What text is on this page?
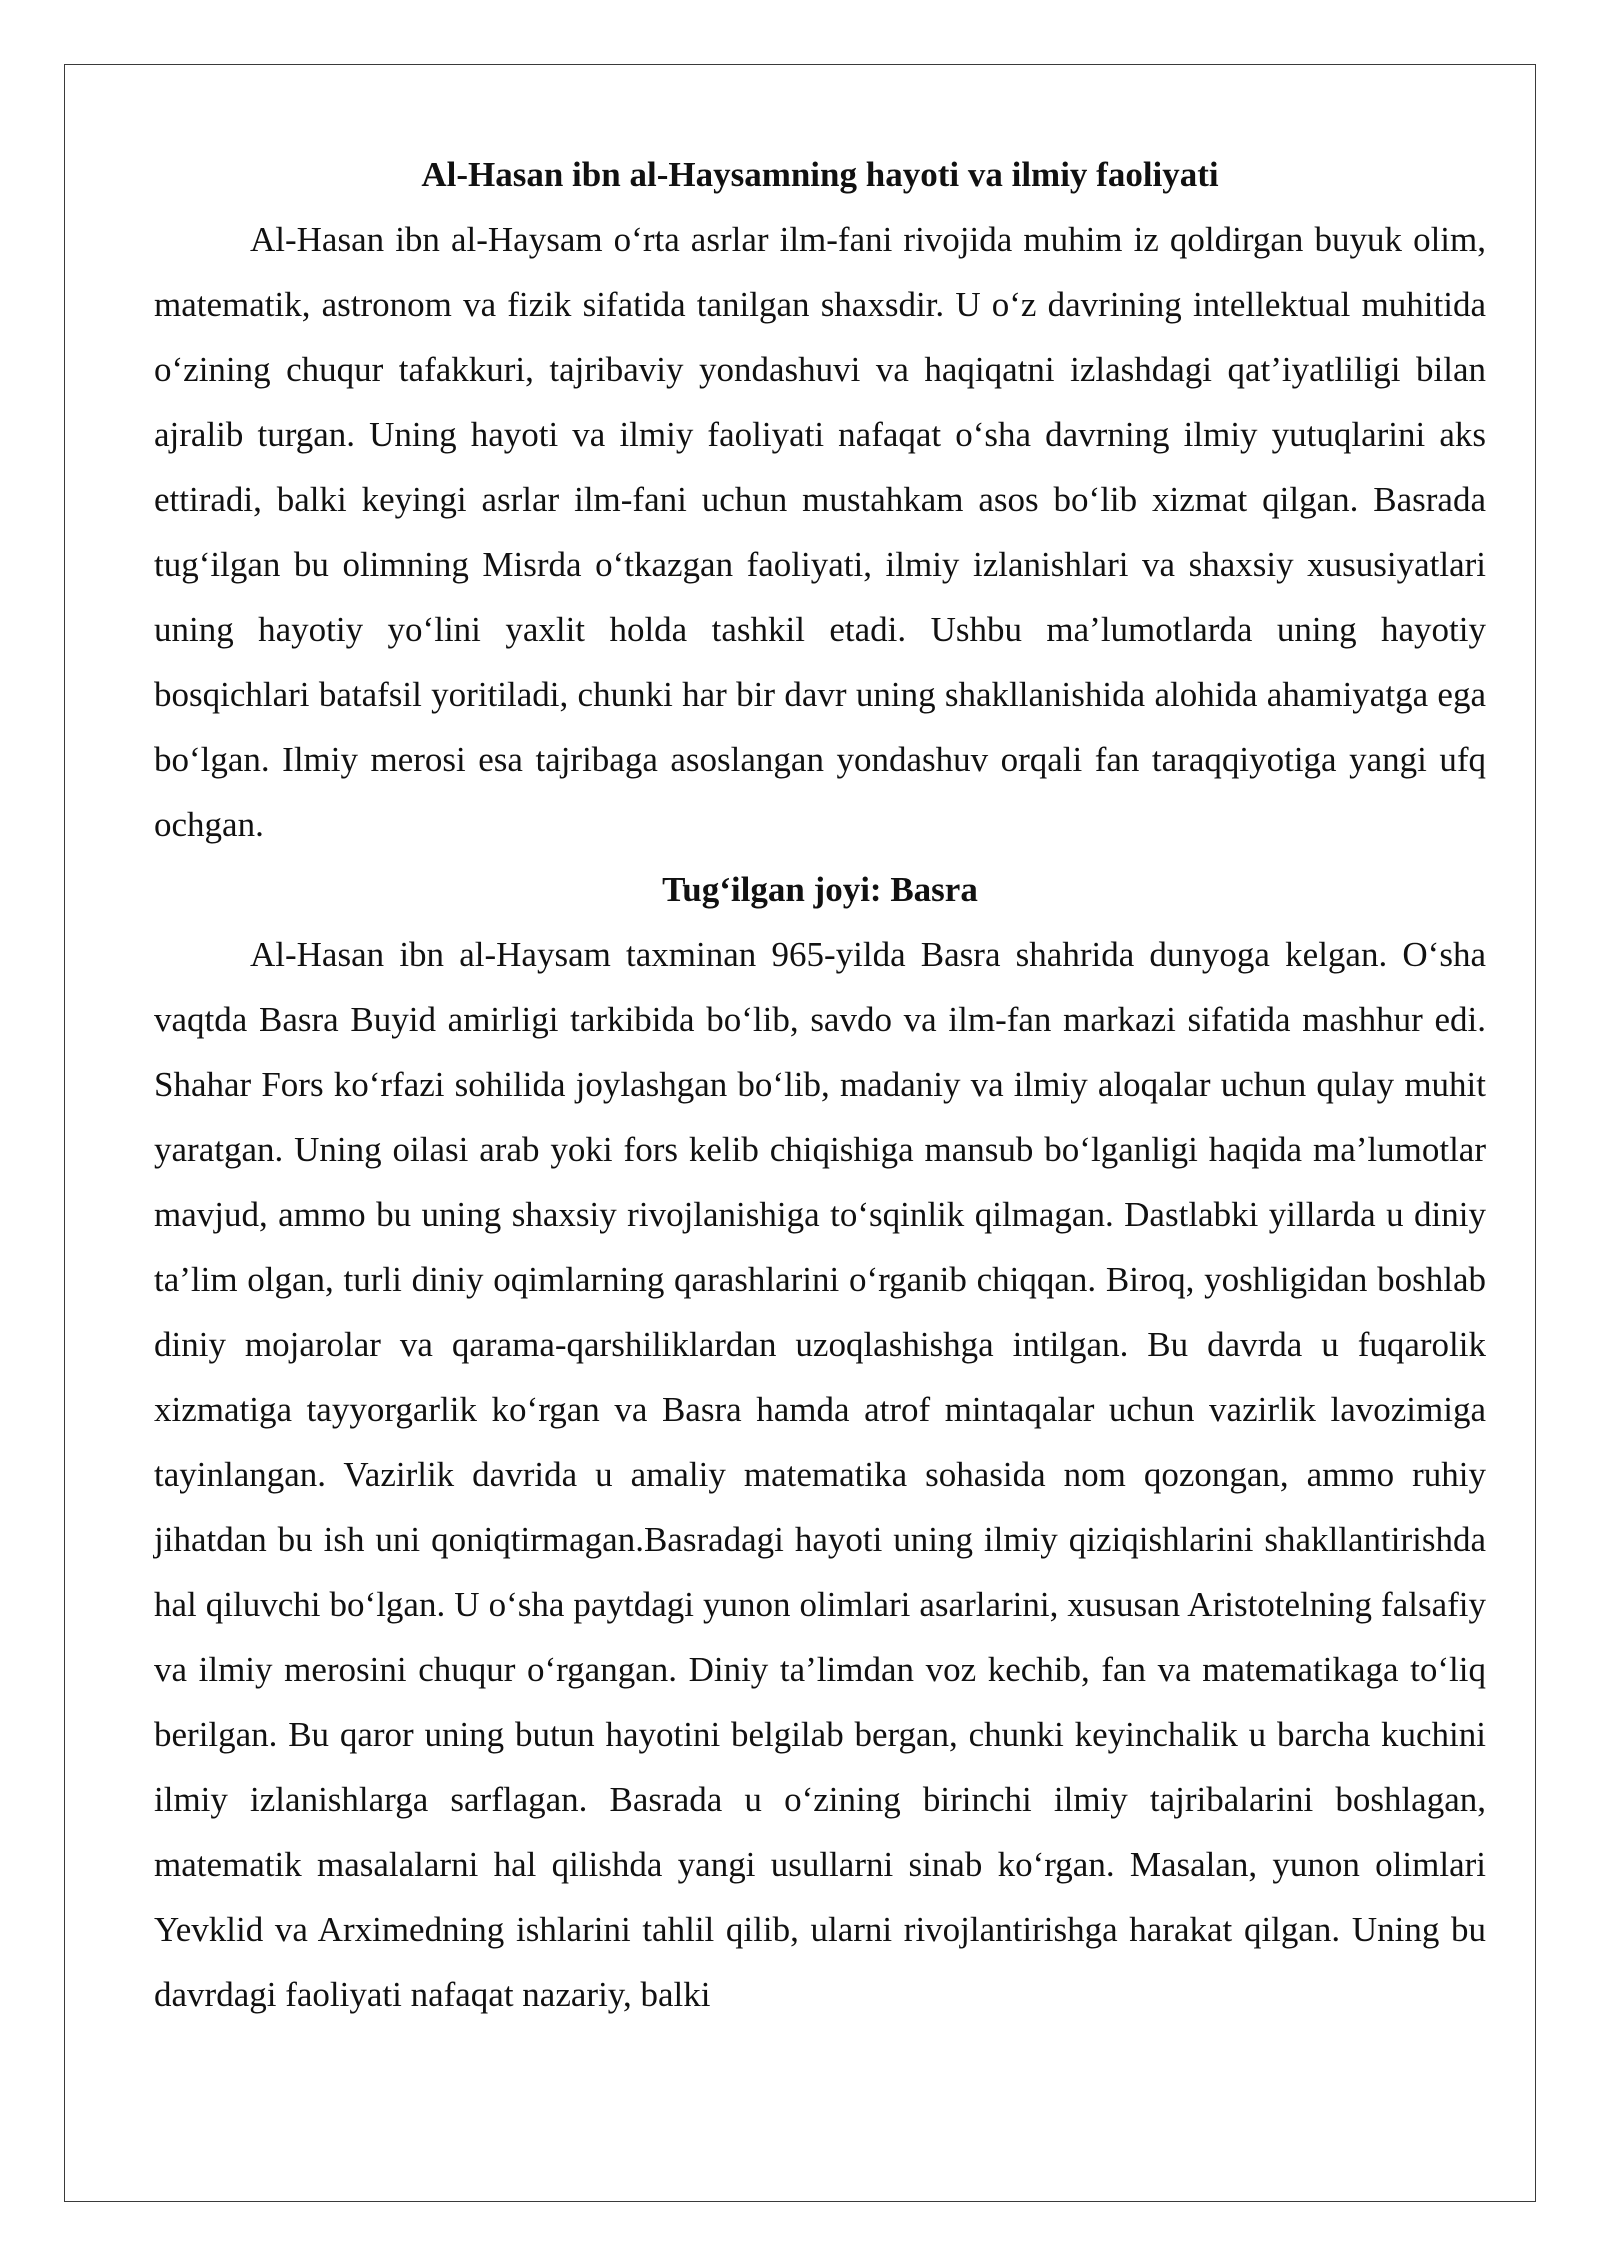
Al-Hasan ibn al-Haysamning hayoti va ilmiy faoliyati

Al-Hasan ibn al-Haysam o‘rta asrlar ilm-fani rivojida muhim iz qoldirgan buyuk olim, matematik, astronom va fizik sifatida tanilgan shaxsdir. U o‘z davrining intellektual muhitida o‘zining chuqur tafakkuri, tajribaviy yondashuvi va haqiqatni izlashdagi qat’iyatliligi bilan ajralib turgan. Uning hayoti va ilmiy faoliyati nafaqat o‘sha davrning ilmiy yutuqlarini aks ettiradi, balki keyingi asrlar ilm-fani uchun mustahkam asos bo‘lib xizmat qilgan. Basrada tug‘ilgan bu olimning Misrda o‘tkazgan faoliyati, ilmiy izlanishlari va shaxsiy xususiyatlari uning hayotiy yo‘lini yaxlit holda tashkil etadi. Ushbu ma’lumotlarda uning hayotiy bosqichlari batafsil yoritiladi, chunki har bir davr uning shakllanishida alohida ahamiyatga ega bo‘lgan. Ilmiy merosi esa tajribaga asoslangan yondashuv orqali fan taraqqiyotiga yangi ufq ochgan.

Tug‘ilgan joyi: Basra

Al-Hasan ibn al-Haysam taxminan 965-yilda Basra shahrida dunyoga kelgan. O‘sha vaqtda Basra Buyid amirligi tarkibida bo‘lib, savdo va ilm-fan markazi sifatida mashhur edi. Shahar Fors ko‘rfazi sohilida joylashgan bo‘lib, madaniy va ilmiy aloqalar uchun qulay muhit yaratgan. Uning oilasi arab yoki fors kelib chiqishiga mansub bo‘lganligi haqida ma’lumotlar mavjud, ammo bu uning shaxsiy rivojlanishiga to‘sqinlik qilmagan. Dastlabki yillarda u diniy ta’lim olgan, turli diniy oqimlarning qarashlarini o‘rganib chiqqan. Biroq, yoshligidan boshlab diniy mojarolar va qarama-qarshiliklardan uzoqlashishga intilgan. Bu davrda u fuqarolik xizmatiga tayyorgarlik ko‘rgan va Basra hamda atrof mintaqalar uchun vazirlik lavozimiga tayinlangan. Vazirlik davrida u amaliy matematika sohasida nom qozongan, ammo ruhiy jihatdan bu ish uni qoniqtirmagan.Basradagi hayoti uning ilmiy qiziqishlarini shakllantirishda hal qiluvchi bo‘lgan. U o‘sha paytdagi yunon olimlari asarlarini, xususan Aristotelning falsafiy va ilmiy merosini chuqur o‘rgangan. Diniy ta’limdan voz kechib, fan va matematikaga to‘liq berilgan. Bu qaror uning butun hayotini belgilab bergan, chunki keyinchalik u barcha kuchini ilmiy izlanishlarga sarflagan. Basrada u o‘zining birinchi ilmiy tajribalarini boshlagan, matematik masalalarni hal qilishda yangi usullarni sinab ko‘rgan. Masalan, yunon olimlari Yevklid va Arximedning ishlarini tahlil qilib, ularni rivojlantirishga harakat qilgan. Uning bu davrdagi faoliyati nafaqat nazariy, balki
